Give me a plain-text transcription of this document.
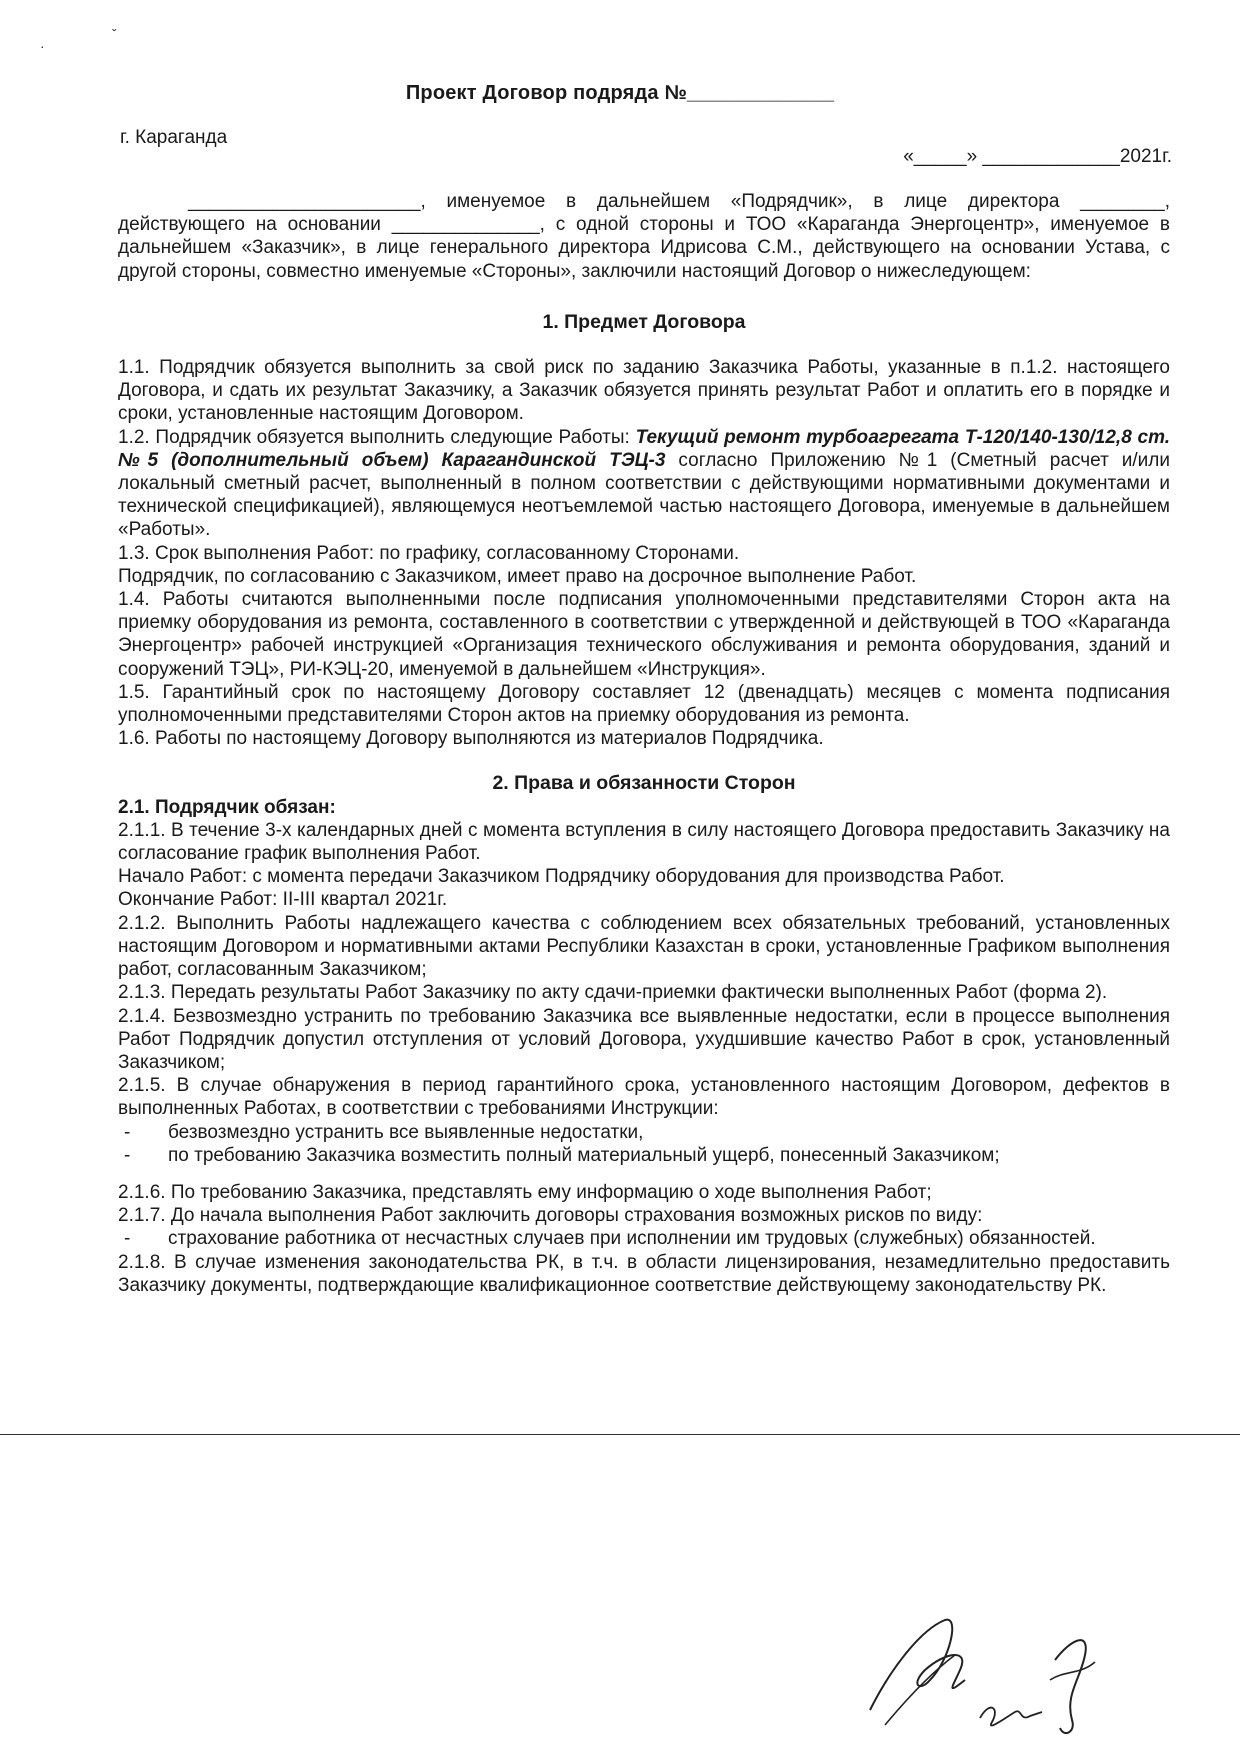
·
ˇ
Проект Договор подряда №_____________
г. Караганда
«_____» _____________2021г.

______________________, именуемое в дальнейшем «Подрядчик», в лице директора ________, действующего на основании ______________, с одной стороны и ТОО «Караганда Энергоцентр», именуемое в дальнейшем «Заказчик», в лице генерального директора Идрисова С.М., действующего на основании Устава, с другой стороны, совместно именуемые «Стороны», заключили настоящий Договор о нижеследующем:

1. Предмет Договора

1.1. Подрядчик обязуется выполнить за свой риск по заданию Заказчика Работы, указанные в п.1.2. настоящего Договора, и сдать их результат Заказчику, а Заказчик обязуется принять результат Работ и оплатить его в порядке и сроки, установленные настоящим Договором.

1.2. Подрядчик обязуется выполнить следующие Работы: Текущий ремонт турбоагрегата Т-120/140-130/12,8 ст.№5 (дополнительный объем) Карагандинской ТЭЦ-3 согласно Приложению №1 (Сметный расчет и/или локальный сметный расчет, выполненный в полном соответствии с действующими нормативными документами и технической спецификацией), являющемуся неотъемлемой частью настоящего Договора, именуемые в дальнейшем «Работы».

1.3. Срок выполнения Работ: по графику, согласованному Сторонами.

Подрядчик, по согласованию с Заказчиком, имеет право на досрочное выполнение Работ.

1.4. Работы считаются выполненными после подписания уполномоченными представителями Сторон акта на приемку оборудования из ремонта, составленного в соответствии с утвержденной и действующей в ТОО «Караганда Энергоцентр» рабочей инструкцией «Организация технического обслуживания и ремонта оборудования, зданий и сооружений ТЭЦ», РИ-КЭЦ-20, именуемой в дальнейшем «Инструкция».

1.5. Гарантийный срок по настоящему Договору составляет 12 (двенадцать) месяцев с момента подписания уполномоченными представителями Сторон актов на приемку оборудования из ремонта.

1.6. Работы по настоящему Договору выполняются из материалов Подрядчика.

2. Права и обязанности Сторон

2.1. Подрядчик обязан:

2.1.1. В течение 3-х календарных дней с момента вступления в силу настоящего Договора предоставить Заказчику на согласование график выполнения Работ.

Начало Работ: с момента передачи Заказчиком Подрядчику оборудования для производства Работ.

Окончание Работ: II-III квартал 2021г.

2.1.2. Выполнить Работы надлежащего качества с соблюдением всех обязательных требований, установленных настоящим Договором и нормативными актами Республики Казахстан в сроки, установленные Графиком выполнения работ, согласованным Заказчиком;

2.1.3. Передать результаты Работ Заказчику по акту сдачи-приемки фактически выполненных Работ (форма 2).

2.1.4. Безвозмездно устранить по требованию Заказчика все выявленные недостатки, если в процессе выполнения Работ Подрядчик допустил отступления от условий Договора, ухудшившие качество Работ в срок, установленный Заказчиком;

2.1.5. В случае обнаружения в период гарантийного срока, установленного настоящим Договором, дефектов в выполненных Работах, в соответствии с требованиями Инструкции:

- безвозмездно устранить все выявленные недостатки,

- по требованию Заказчика возместить полный материальный ущерб, понесенный Заказчиком;

2.1.6. По требованию Заказчика, представлять ему информацию о ходе выполнения Работ;

2.1.7. До начала выполнения Работ заключить договоры страхования возможных рисков по виду:

- страхование работника от несчастных случаев при исполнении им трудовых (служебных) обязанностей.

2.1.8. В случае изменения законодательства РК, в т.ч. в области лицензирования, незамедлительно предоставить Заказчику документы, подтверждающие квалификационное соответствие действующему законодательству РК.
